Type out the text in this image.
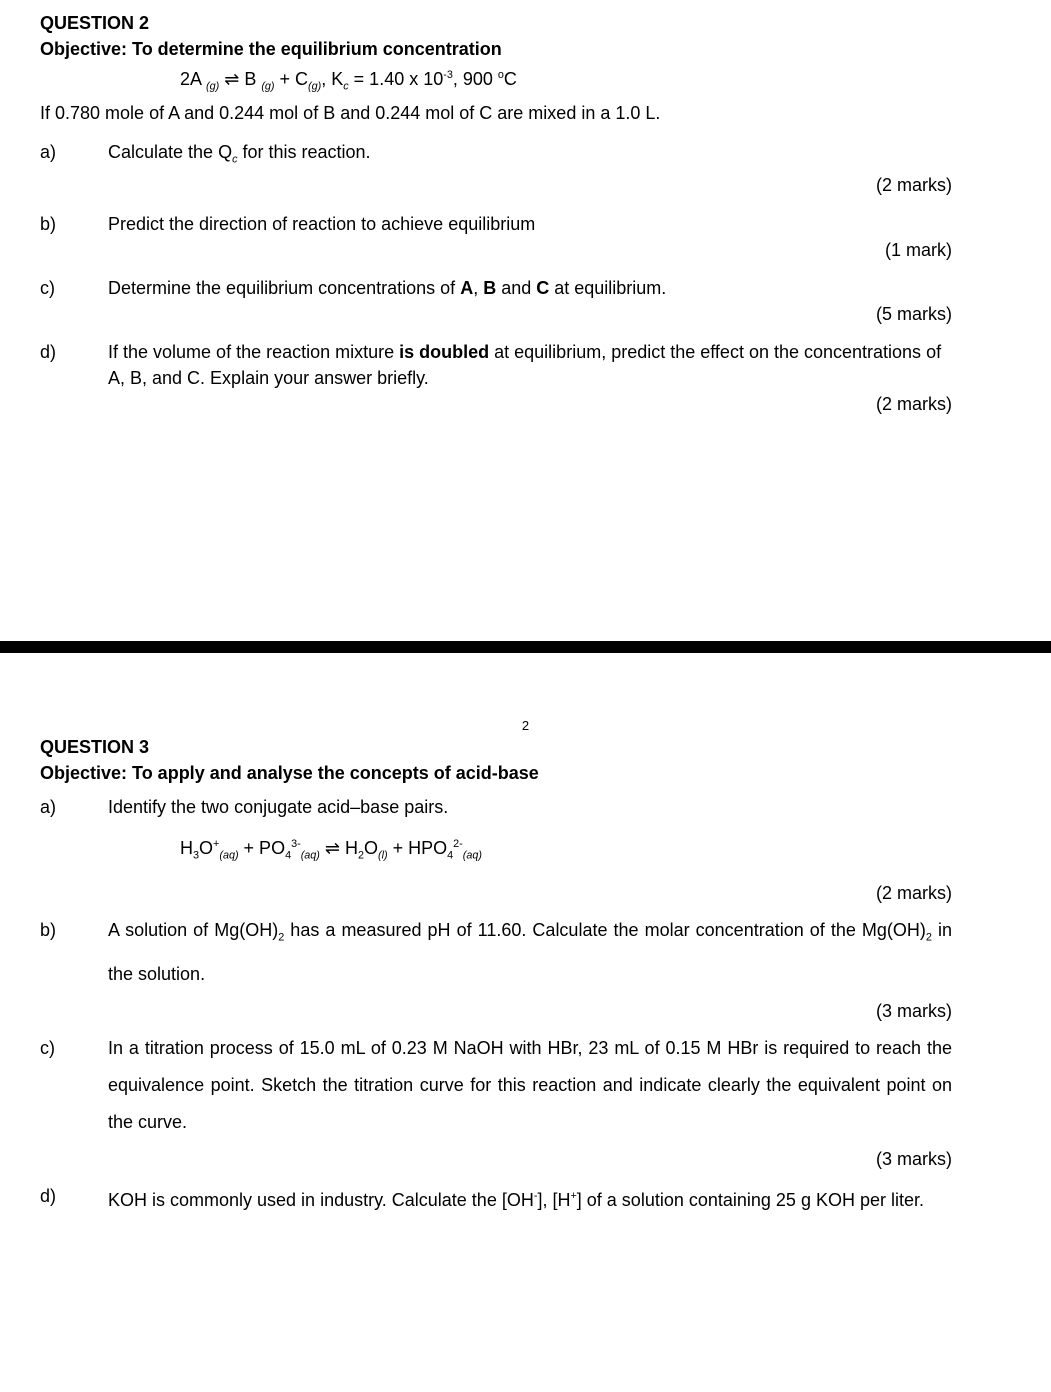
QUESTION 2

Objective: To determine the equilibrium concentration

2A $_{(g)}$ ⇌ B $_{(g)} + C_{(g)}$, $K_c = 1.40$ x $10^{-3}$, 900 $^o$C

If 0.780 mole of A and 0.244 mol of B and 0.244 mol of C are mixed in a 1.0 L.

a)	Calculate the $Q_c$ for this reaction.

(2 marks)

b)	Predict the direction of reaction to achieve equilibrium

(1 mark)

c)	Determine the equilibrium concentrations of A, B and C at equilibrium.

(5 marks)

d)	If the volume of the reaction mixture is doubled at equilibrium, predict the effect on the concentrations of A, B, and C. Explain your answer briefly.

(2 marks)

2

QUESTION 3

Objective: To apply and analyse the concepts of acid-base

a)	Identify the two conjugate acid–base pairs.

$H_3O^+_{(aq)} + PO_4^{3-}_{(aq)}$ ⇌ $H_2O_{(l)} + HPO_4^{2-}_{(aq)}$

(2 marks)

b)	A solution of $Mg(OH)_2$ has a measured pH of 11.60. Calculate the molar concentration of the $Mg(OH)_2$ in the solution.

(3 marks)

c)	In a titration process of 15.0 mL of 0.23 M NaOH with HBr, 23 mL of 0.15 M HBr is required to reach the equivalence point. Sketch the titration curve for this reaction and indicate clearly the equivalent point on the curve.

(3 marks)

d)	KOH is commonly used in industry. Calculate the [OH-], [H+] of a solution containing 25 g KOH per liter.
